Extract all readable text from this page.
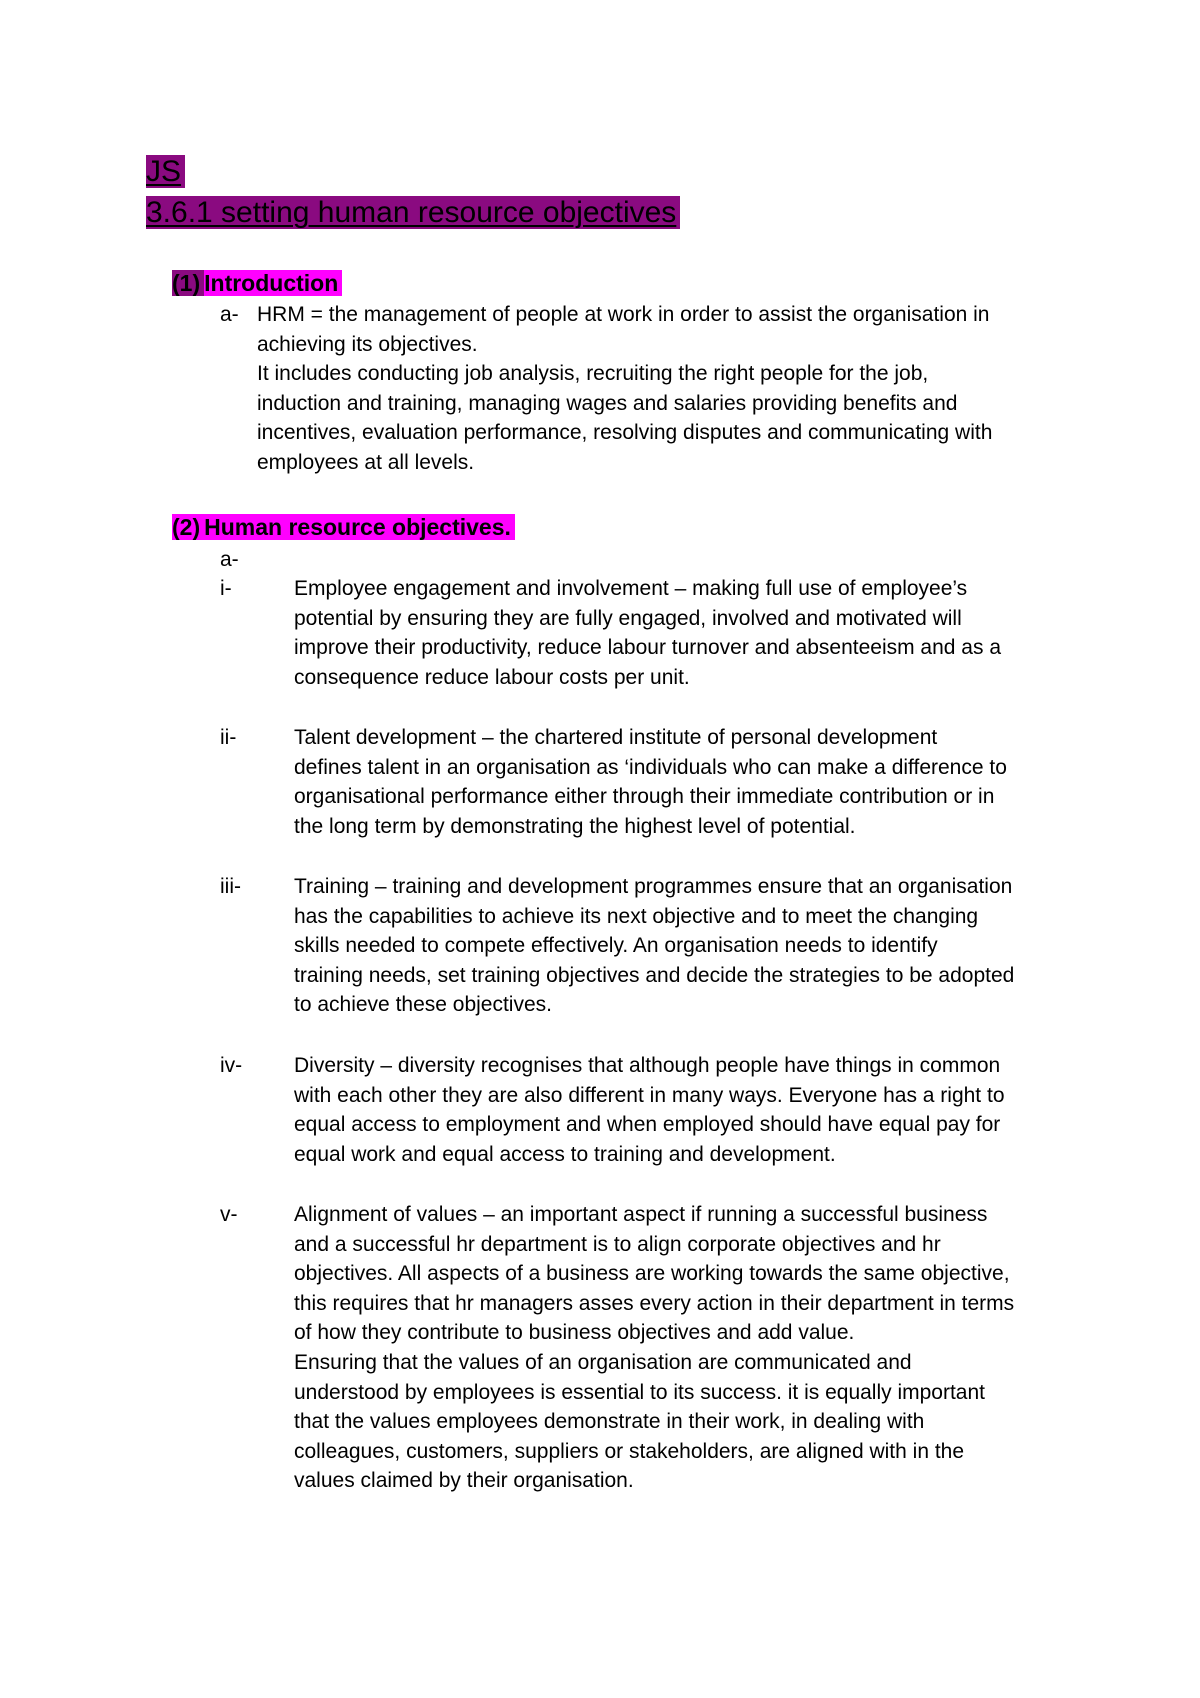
JS
3.6.1 setting human resource objectives
(1) Introduction
a- HRM = the management of people at work in order to assist the organisation in
achieving its objectives.
It includes conducting job analysis, recruiting the right people for the job,
induction and training, managing wages and salaries providing benefits and
incentives, evaluation performance, resolving disputes and communicating with
employees at all levels.

(2) Human resource objectives.
a-
i-	Employee engagement and involvement – making full use of employee’s
potential by ensuring they are fully engaged, involved and motivated will
improve their productivity, reduce labour turnover and absenteeism and as a
consequence reduce labour costs per unit.

ii-	Talent development – the chartered institute of personal development
defines talent in an organisation as ‘individuals who can make a difference to
organisational performance either through their immediate contribution or in
the long term by demonstrating the highest level of potential.

iii-	Training – training and development programmes ensure that an organisation
has the capabilities to achieve its next objective and to meet the changing
skills needed to compete effectively. An organisation needs to identify
training needs, set training objectives and decide the strategies to be adopted
to achieve these objectives.

iv- Diversity – diversity recognises that although people have things in common
with each other they are also different in many ways. Everyone has a right to
equal access to employment and when employed should have equal pay for
equal work and equal access to training and development.

v-	Alignment of values – an important aspect if running a successful business
and a successful hr department is to align corporate objectives and hr
objectives. All aspects of a business are working towards the same objective,
this requires that hr managers asses every action in their department in terms
of how they contribute to business objectives and add value.
Ensuring that the values of an organisation are communicated and
understood by employees is essential to its success. it is equally important
that the values employees demonstrate in their work, in dealing with
colleagues, customers, suppliers or stakeholders, are aligned with in the
values claimed by their organisation.
